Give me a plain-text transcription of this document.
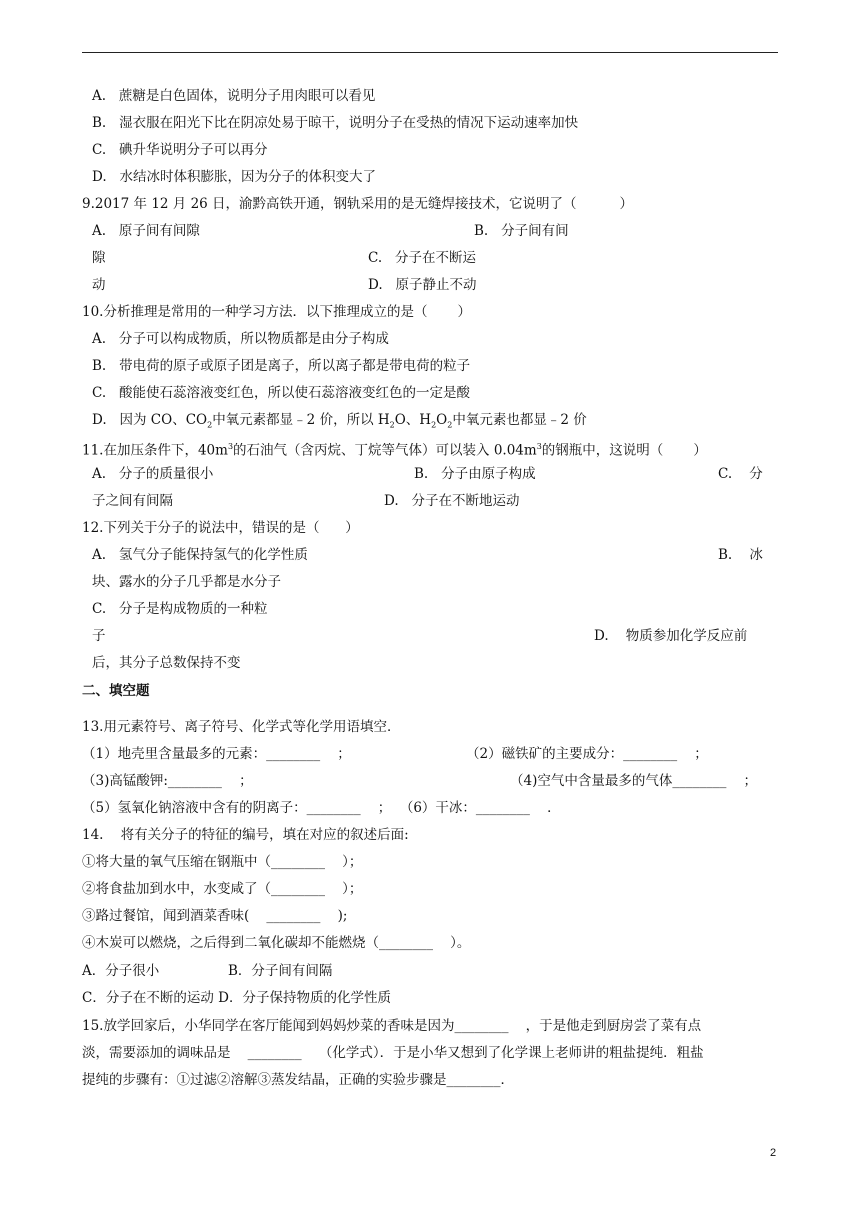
A.   蔗糖是白色固体，说明分子用肉眼可以看见
B.   湿衣服在阳光下比在阴凉处易于晾干，说明分子在受热的情况下运动速率加快
C.   碘升华说明分子可以再分
D.   水结冰时体积膨胀，因为分子的体积变大了
9.2017 年 12 月 26 日，渝黔高铁开通，钢轨采用的是无缝焊接技术，它说明了（          ）
A.   原子间有间隙	B.   分子间有间
隙	C.   分子在不断运
动	D.   原子静止不动
10.分析推理是常用的一种学习方法．以下推理成立的是（       ）
A.   分子可以构成物质，所以物质都是由分子构成
B.   带电荷的原子或原子团是离子，所以离子都是带电荷的粒子
C.   酸能使石蕊溶液变红色，所以使石蕊溶液变红色的一定是酸
D.   因为 CO、$CO_2$中氧元素都显﹣2 价，所以 $H_2O$、$H_2O_2$中氧元素也都显﹣2 价
11.在加压条件下，$40m^3$的石油气（含丙烷、丁烷等气体）可以装入 $0.04m^3$的钢瓶中，这说明（       ）
A.   分子的质量很小	B.   分子由原子构成	C.    分
子之间有间隔	D.   分子在不断地运动
12.下列关于分子的说法中，错误的是（      ）
A.   氢气分子能保持氢气的化学性质	B.    冰
块、露水的分子几乎都是水分子
C.   分子是构成物质的一种粒
子	D.    物质参加化学反应前
后，其分子总数保持不变
二、填空题
13.用元素符号、离子符号、化学式等化学用语填空．
（1）地壳里含量最多的元素：________    ；	（2）磁铁矿的主要成分：________    ；
（3)高锰酸钾:________    ；	（4)空气中含量最多的气体________    ；
（5）氢氧化钠溶液中含有的阴离子：________    ；  （6）干冰：________    ．
14.    将有关分子的特征的编号，填在对应的叙述后面:
①将大量的氧气压缩在钢瓶中（________    ）；
②将食盐加到水中，水变咸了（________    ）；
③路过餐馆，闻到酒菜香味(    ________    );
④木炭可以燃烧，之后得到二氧化碳却不能燃烧（________    ）。
A．分子很小	B．分子间有间隔
C．分子在不断的运动 D．分子保持物质的化学性质
15.放学回家后，小华同学在客厅能闻到妈妈炒菜的香味是因为________    ，于是他走到厨房尝了菜有点
淡，需要添加的调味品是    ________    （化学式）．于是小华又想到了化学课上老师讲的粗盐提纯．粗盐
提纯的步骤有：①过滤②溶解③蒸发结晶，正确的实验步骤是________．
2
